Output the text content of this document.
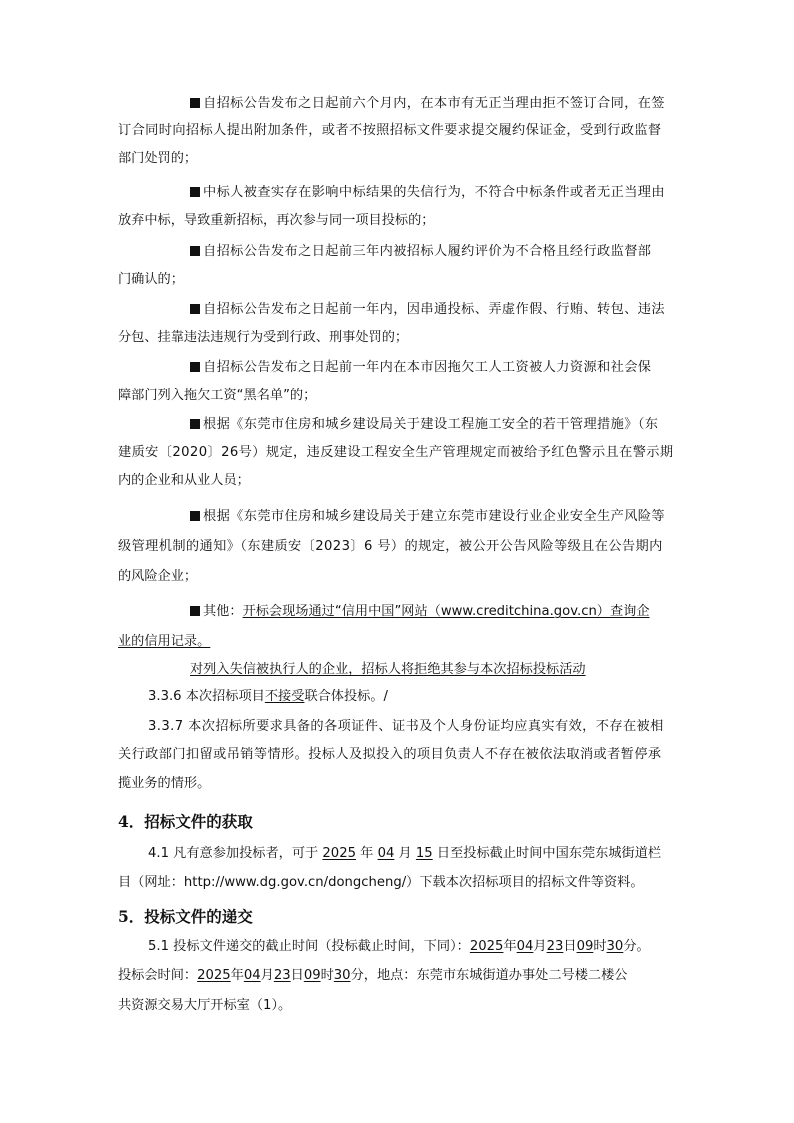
自招标公告发布之日起前六个月内，在本市有无正当理由拒不签订合同，在签
订合同时向招标人提出附加条件，或者不按照招标文件要求提交履约保证金，受到行政监督
部门处罚的；
中标人被查实存在影响中标结果的失信行为，不符合中标条件或者无正当理由
放弃中标，导致重新招标，再次参与同一项目投标的；
自招标公告发布之日起前三年内被招标人履约评价为不合格且经行政监督部
门确认的；
自招标公告发布之日起前一年内，因串通投标、弄虚作假、行贿、转包、违法
分包、挂靠违法违规行为受到行政、刑事处罚的；
自招标公告发布之日起前一年内在本市因拖欠工人工资被人力资源和社会保
障部门列入拖欠工资“黑名单”的；
根据《东莞市住房和城乡建设局关于建设工程施工安全的若干管理措施》（东
建质安〔2020〕26号）规定，违反建设工程安全生产管理规定而被给予红色警示且在警示期
内的企业和从业人员；
根据《东莞市住房和城乡建设局关于建立东莞市建设行业企业安全生产风险等
级管理机制的通知》（东建质安〔2023〕6 号）的规定，被公开公告风险等级且在公告期内
的风险企业；
其他：开标会现场通过“信用中国”网站（www.creditchina.gov.cn）查询企
业的信用记录。
对列入失信被执行人的企业，招标人将拒绝其参与本次招标投标活动
3.3.6 本次招标项目不接受联合体投标。/
3.3.7 本次招标所要求具备的各项证件、证书及个人身份证均应真实有效，不存在被相
关行政部门扣留或吊销等情形。投标人及拟投入的项目负责人不存在被依法取消或者暂停承
揽业务的情形。
4．招标文件的获取
4.1 凡有意参加投标者，可于 2025 年 04 月 15 日至投标截止时间中国东莞东城街道栏
目（网址：http://www.dg.gov.cn/dongcheng/）下载本次招标项目的招标文件等资料。
5．投标文件的递交
5.1 投标文件递交的截止时间（投标截止时间，下同）：2025年04月23日09时30分。
投标会时间：2025年04月23日09时30分，地点：东莞市东城街道办事处二号楼二楼公
共资源交易大厅开标室（1）。
